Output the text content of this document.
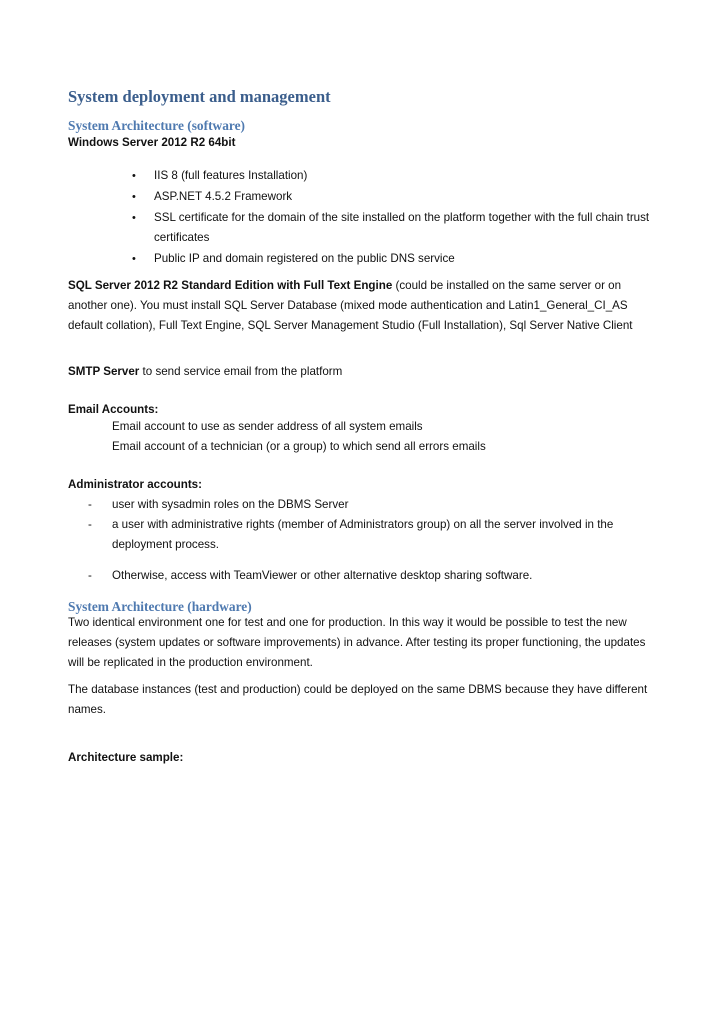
System deployment and management
System Architecture (software)
Windows Server 2012 R2 64bit
• IIS 8 (full features Installation)
• ASP.NET 4.5.2 Framework
• SSL certificate for the domain of the site installed on the platform together with the full chain trust certificates
• Public IP and domain registered on the public DNS service
SQL Server 2012 R2 Standard Edition with Full Text Engine (could be installed on the same server or on another one). You must install SQL Server Database (mixed mode authentication and Latin1_General_CI_AS default collation), Full Text Engine, SQL Server Management Studio (Full Installation), Sql Server Native Client
SMTP Server to send service email from the platform
Email Accounts:
Email account to use as sender address of all system emails
Email account of a technician (or a group) to which send all errors emails
Administrator accounts:
- user with sysadmin roles on the DBMS Server
- a user with administrative rights (member of Administrators group) on all the server involved in the deployment process.
- Otherwise, access with TeamViewer or other alternative desktop sharing software.
System Architecture (hardware)
Two identical environment one for test and one for production. In this way it would be possible to test the new releases (system updates or software improvements) in advance. After testing its proper functioning, the updates will be replicated in the production environment.
The database instances (test and production) could be deployed on the same DBMS because they have different names.
Architecture sample:
